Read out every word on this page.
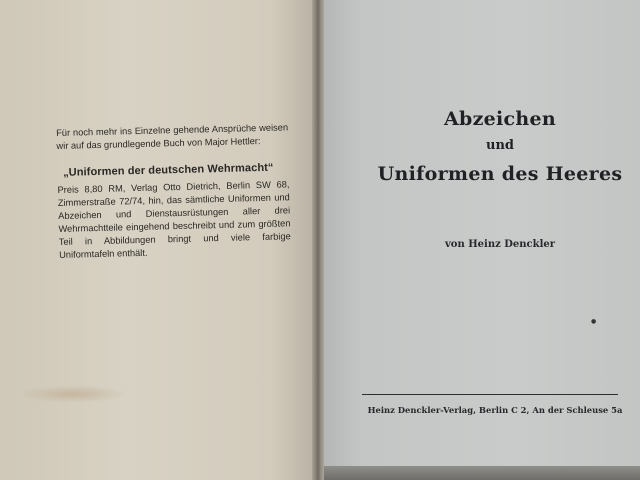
Für noch mehr ins Einzelne gehende Ansprüche weisen wir auf das grundlegende Buch von Major Hettler:

„Uniformen der deutschen Wehrmacht“

Preis 8,80 RM, Verlag Otto Dietrich, Berlin SW 68, Zimmerstraße 72/74, hin, das sämtliche Uniformen und Abzeichen und Dienstausrüstungen aller drei Wehrmachtteile eingehend beschreibt und zum größten Teil in Abbildungen bringt und viele farbige Uniformtafeln enthält.

Abzeichen

und

Uniformen des Heeres

von Heinz Denckler

●

Heinz Denckler-Verlag, Berlin C 2, An der Schleuse 5a
